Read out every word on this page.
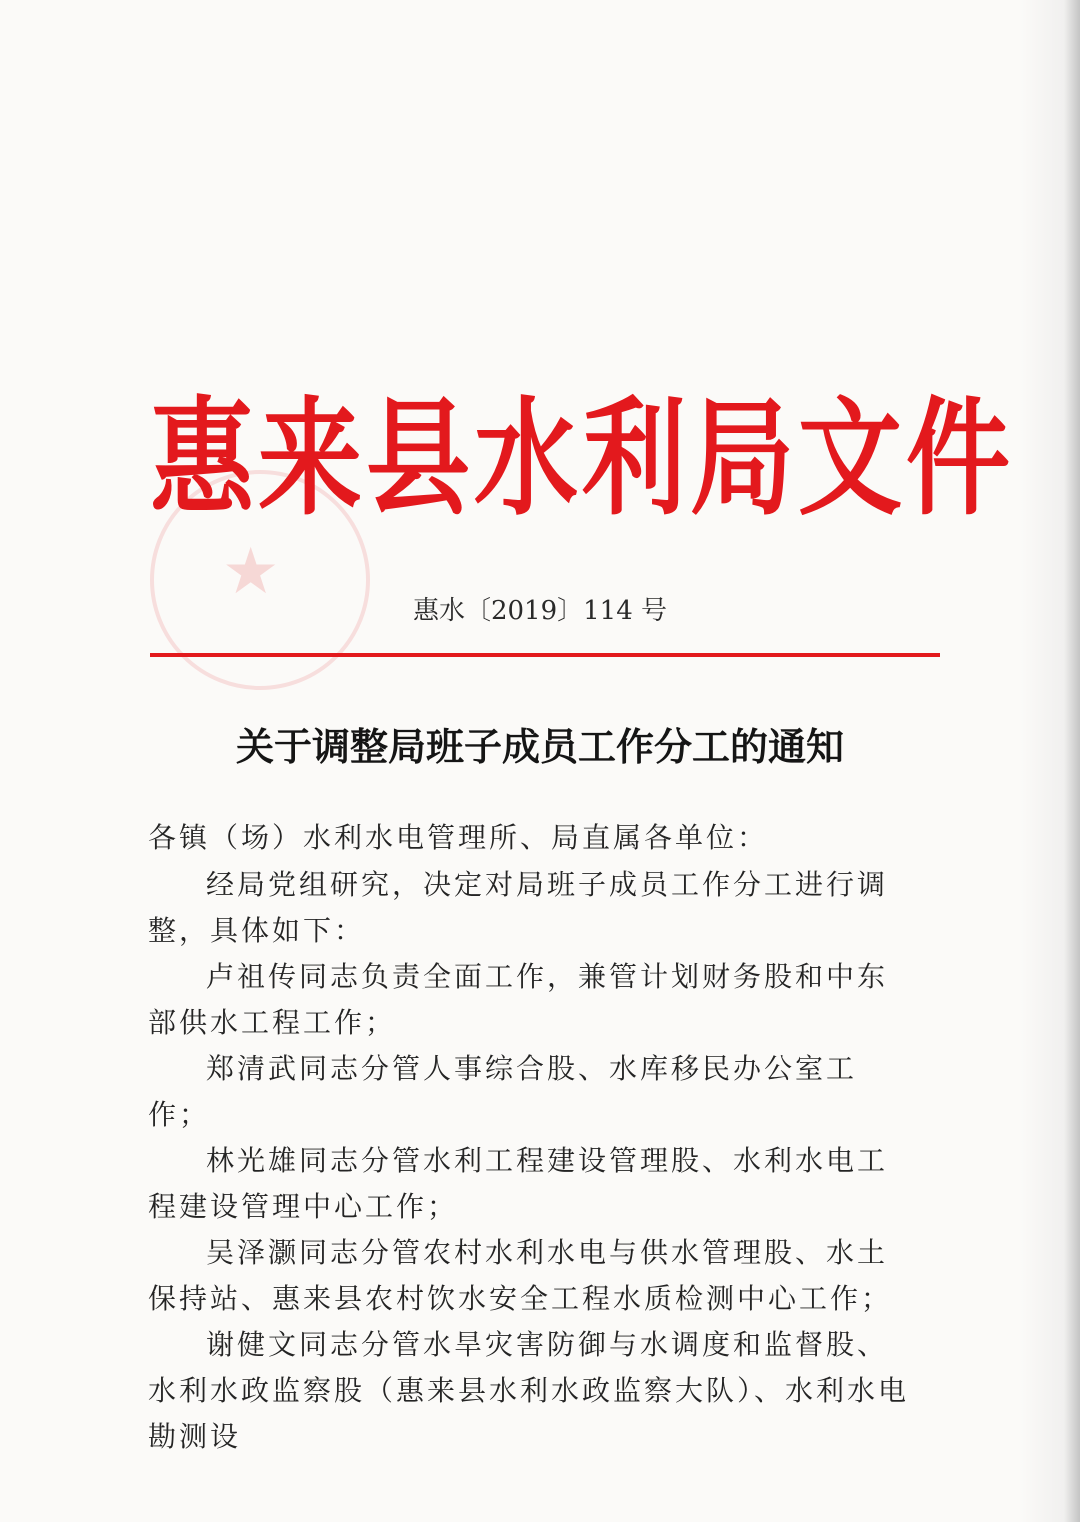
★
惠来县水利局文件
惠水〔2019〕114 号
关于调整局班子成员工作分工的通知
各镇（场）水利水电管理所、局直属各单位：

经局党组研究，决定对局班子成员工作分工进行调整，具体如下：

卢祖传同志负责全面工作，兼管计划财务股和中东部供水工程工作；

郑清武同志分管人事综合股、水库移民办公室工作；

林光雄同志分管水利工程建设管理股、水利水电工程建设管理中心工作；

吴泽灏同志分管农村水利水电与供水管理股、水土保持站、惠来县农村饮水安全工程水质检测中心工作；

谢健文同志分管水旱灾害防御与水调度和监督股、水利水政监察股（惠来县水利水政监察大队）、水利水电勘测设
